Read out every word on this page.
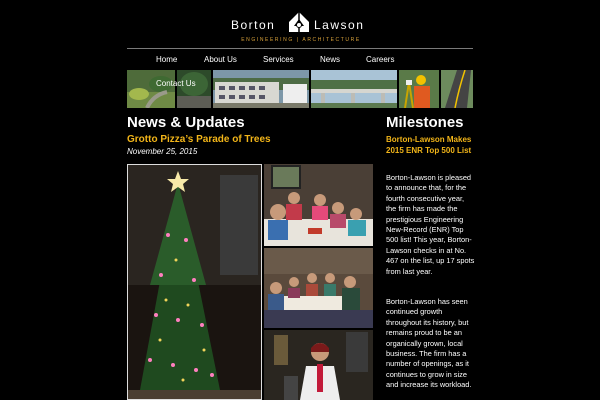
Borton	Lawson
ENGINEERING | ARCHITECTURE
Home	About Us	Services	News	Careers
Contact Us
News & Updates
Grotto Pizza’s Parade of Trees
November 25, 2015
Milestones
Borton-Lawson Makes 2015 ENR Top 500 List
Borton-Lawson is pleased to announce that, for the fourth consecutive year, the firm has made the prestigious Engineering New-Record (ENR) Top 500 list! This year, Borton-Lawson checks in at No. 467 on the list, up 17 spots from last year.
Borton-Lawson has seen continued growth throughout its history, but remains proud to be an organically grown, local business. The firm has a number of openings, as it continues to grow in size and increase its workload.
